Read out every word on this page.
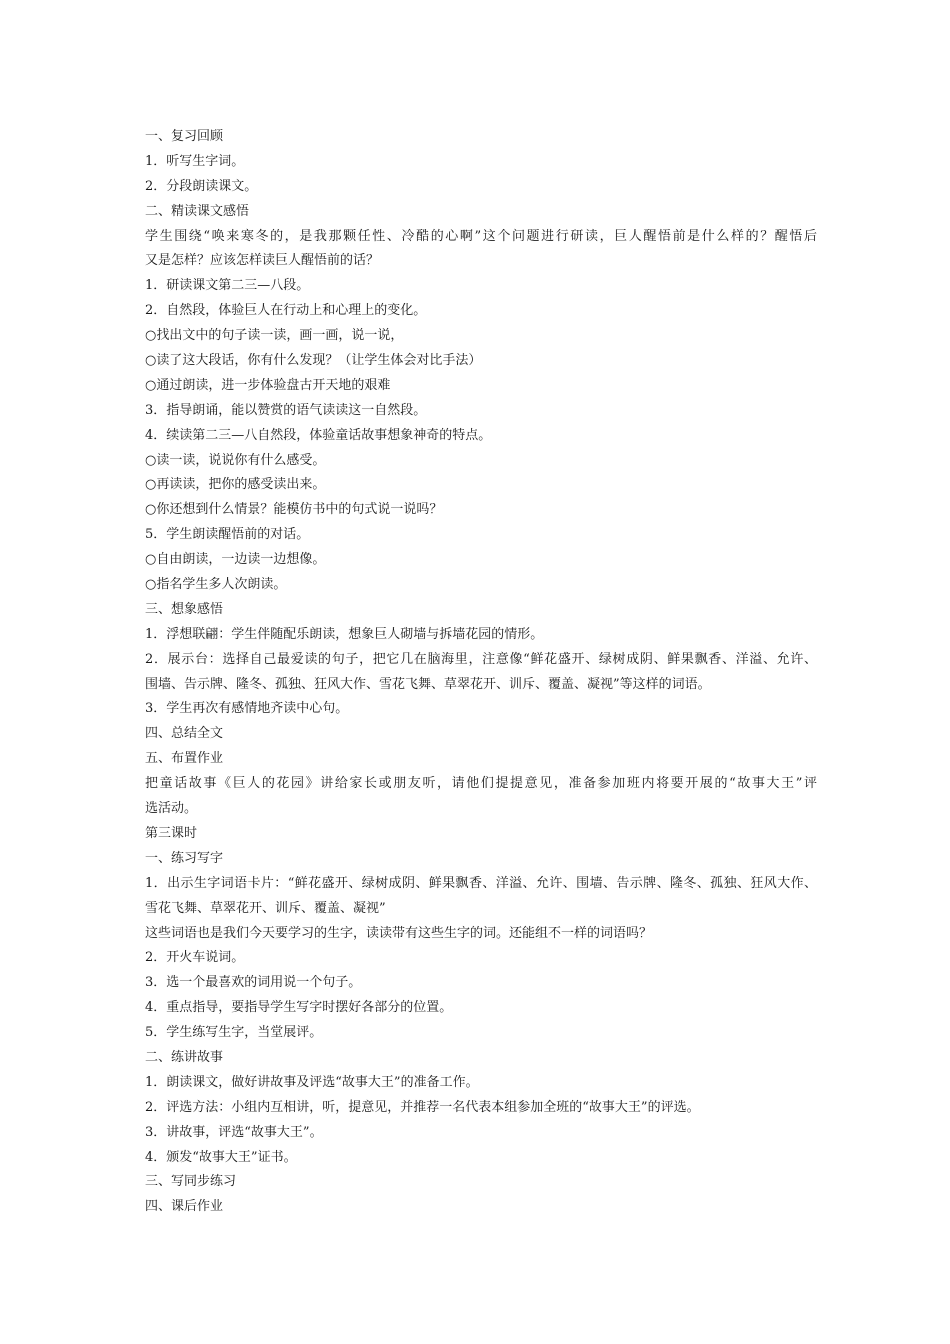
一、复习回顾
1．听写生字词。
2．分段朗读课文。
二、精读课文感悟
学生围绕“唤来寒冬的，是我那颗任性、冷酷的心啊”这个问题进行研读，巨人醒悟前是什么样的？醒悟后
又是怎样？应该怎样读巨人醒悟前的话？
1．研读课文第二三—八段。
2．自然段，体验巨人在行动上和心理上的变化。
○找出文中的句子读一读，画一画，说一说，
○读了这大段话，你有什么发现？（让学生体会对比手法）
○通过朗读，进一步体验盘古开天地的艰难
3．指导朗诵，能以赞赏的语气读读这一自然段。
4．续读第二三—八自然段，体验童话故事想象神奇的特点。
○读一读，说说你有什么感受。
○再读读，把你的感受读出来。
○你还想到什么情景？能模仿书中的句式说一说吗？
5．学生朗读醒悟前的对话。
○自由朗读，一边读一边想像。
○指名学生多人次朗读。
三、想象感悟
1．浮想联翩：学生伴随配乐朗读，想象巨人砌墙与拆墙花园的情形。
2．展示台：选择自己最爱读的句子，把它几在脑海里，注意像“鲜花盛开、绿树成阴、鲜果飘香、洋溢、允许、
围墙、告示牌、隆冬、孤独、狂风大作、雪花飞舞、草翠花开、训斥、覆盖、凝视”等这样的词语。
3．学生再次有感情地齐读中心句。
四、总结全文
五、布置作业
把童话故事《巨人的花园》讲给家长或朋友听，请他们提提意见，准备参加班内将要开展的“故事大王”评
选活动。
第三课时
一、练习写字
1．出示生字词语卡片：“鲜花盛开、绿树成阴、鲜果飘香、洋溢、允许、围墙、告示牌、隆冬、孤独、狂风大作、
雪花飞舞、草翠花开、训斥、覆盖、凝视”
这些词语也是我们今天要学习的生字，读读带有这些生字的词。还能组不一样的词语吗？
2．开火车说词。
3．选一个最喜欢的词用说一个句子。
4．重点指导，要指导学生写字时摆好各部分的位置。
5．学生练写生字，当堂展评。
二、练讲故事
1．朗读课文，做好讲故事及评选“故事大王”的准备工作。
2．评选方法：小组内互相讲，听，提意见，并推荐一名代表本组参加全班的“故事大王”的评选。
3．讲故事，评选“故事大王”。
4．颁发“故事大王”证书。
三、写同步练习
四、课后作业
